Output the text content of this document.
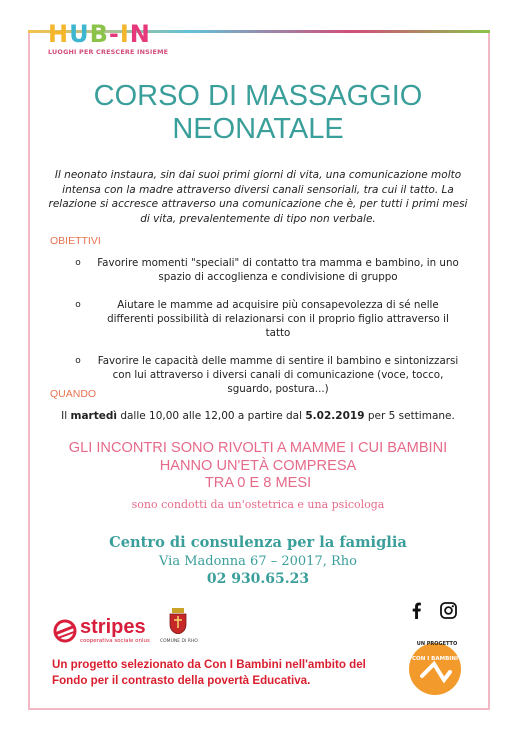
HUB-IN
LUOGHI PER CRESCERE INSIEME
CORSO DI MASSAGGIO
NEONATALE
Il neonato instaura, sin dai suoi primi giorni di vita, una comunicazione molto intensa con la madre attraverso diversi canali sensoriali, tra cui il tatto. La relazione si accresce attraverso una comunicazione che è, per tutti i primi mesi di vita, prevalentemente di tipo non verbale.
OBIETTIVI
o	Favorire momenti "speciali" di contatto tra mamma e bambino, in uno spazio di accoglienza e condivisione di gruppo
o	Aiutare le mamme ad acquisire più consapevolezza di sé nelle differenti possibilità di relazionarsi con il proprio figlio attraverso il tatto
o	Favorire le capacità delle mamme di sentire il bambino e sintonizzarsi con lui attraverso i diversi canali di comunicazione (voce, tocco, sguardo, postura...)
QUANDO
Il martedì dalle 10,00 alle 12,00 a partire dal 5.02.2019 per 5 settimane.
GLI INCONTRI SONO RIVOLTI A MAMME I CUI BAMBINI
HANNO UN'ETÀ COMPRESA
TRA 0 E 8 MESI
sono condotti da un'ostetrica e una psicologa
Centro di consulenza per la famiglia
Via Madonna 67 – 20017, Rho
02 930.65.23
stripes
cooperativa sociale onlus COMUNE DI RHO
Un progetto selezionato da Con I Bambini nell'ambito del
Fondo per il contrasto della povertà Educativa.
UN PROGETTO
CON I BAMBINI
